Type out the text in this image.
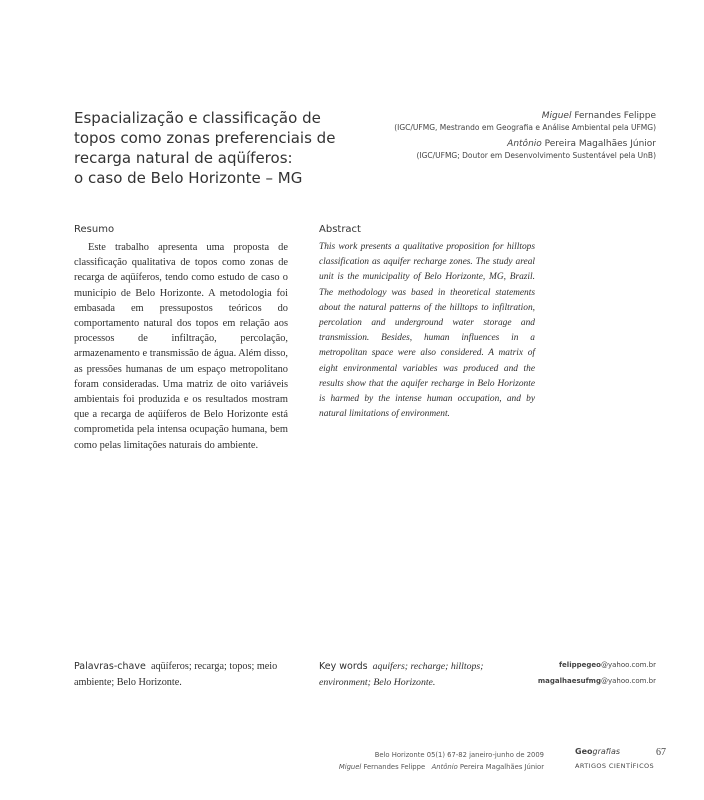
Espacialização e classificação de
topos como zonas preferenciais de
recarga natural de aqüíferos:
o caso de Belo Horizonte – MG
Miguel Fernandes Felippe
(IGC/UFMG, Mestrando em Geografia e Análise Ambiental pela UFMG)
Antônio Pereira Magalhães Júnior
(IGC/UFMG; Doutor em Desenvolvimento Sustentável pela UnB)
Resumo	Abstract

Este trabalho apresenta uma proposta de classificação qualitativa de topos como zonas de recarga de aqüíferos, tendo como estudo de caso o município de Belo Horizonte. A metodologia foi embasada em pressupostos teóricos do comportamento natural dos topos em relação aos processos de infiltração, percolação, armazenamento e transmissão de água. Além disso, as pressões humanas de um espaço metropolitano foram consideradas. Uma matriz de oito variáveis ambientais foi produzida e os resultados mostram que a recarga de aqüíferos de Belo Horizonte está comprometida pela intensa ocupação humana, bem como pelas limitações naturais do ambiente.

This work presents a qualitative proposition for hilltops classification as aquifer recharge zones. The study areal unit is the municipality of Belo Horizonte, MG, Brazil. The methodology was based in theoretical statements about the natural patterns of the hilltops to infiltration, percolation and underground water storage and transmission. Besides, human influences in a metropolitan space were also considered. A matrix of eight environmental variables was produced and the results show that the aquifer recharge in Belo Horizonte is harmed by the intense human occupation, and by natural limitations of environment.

Palavras-chave aqüíferos; recarga; topos; meio ambiente; Belo Horizonte.
Key words aquifers; recharge; hilltops; environment; Belo Horizonte.
felippegeo@yahoo.com.br
magalhaesufmg@yahoo.com.br
Belo Horizonte 05(1) 67-82 janeiro-junho de 2009
Miguel Fernandes Felippe Antônio Pereira Magalhães Júnior
Geografias
ARTIGOS CIENTÍFICOS
67
